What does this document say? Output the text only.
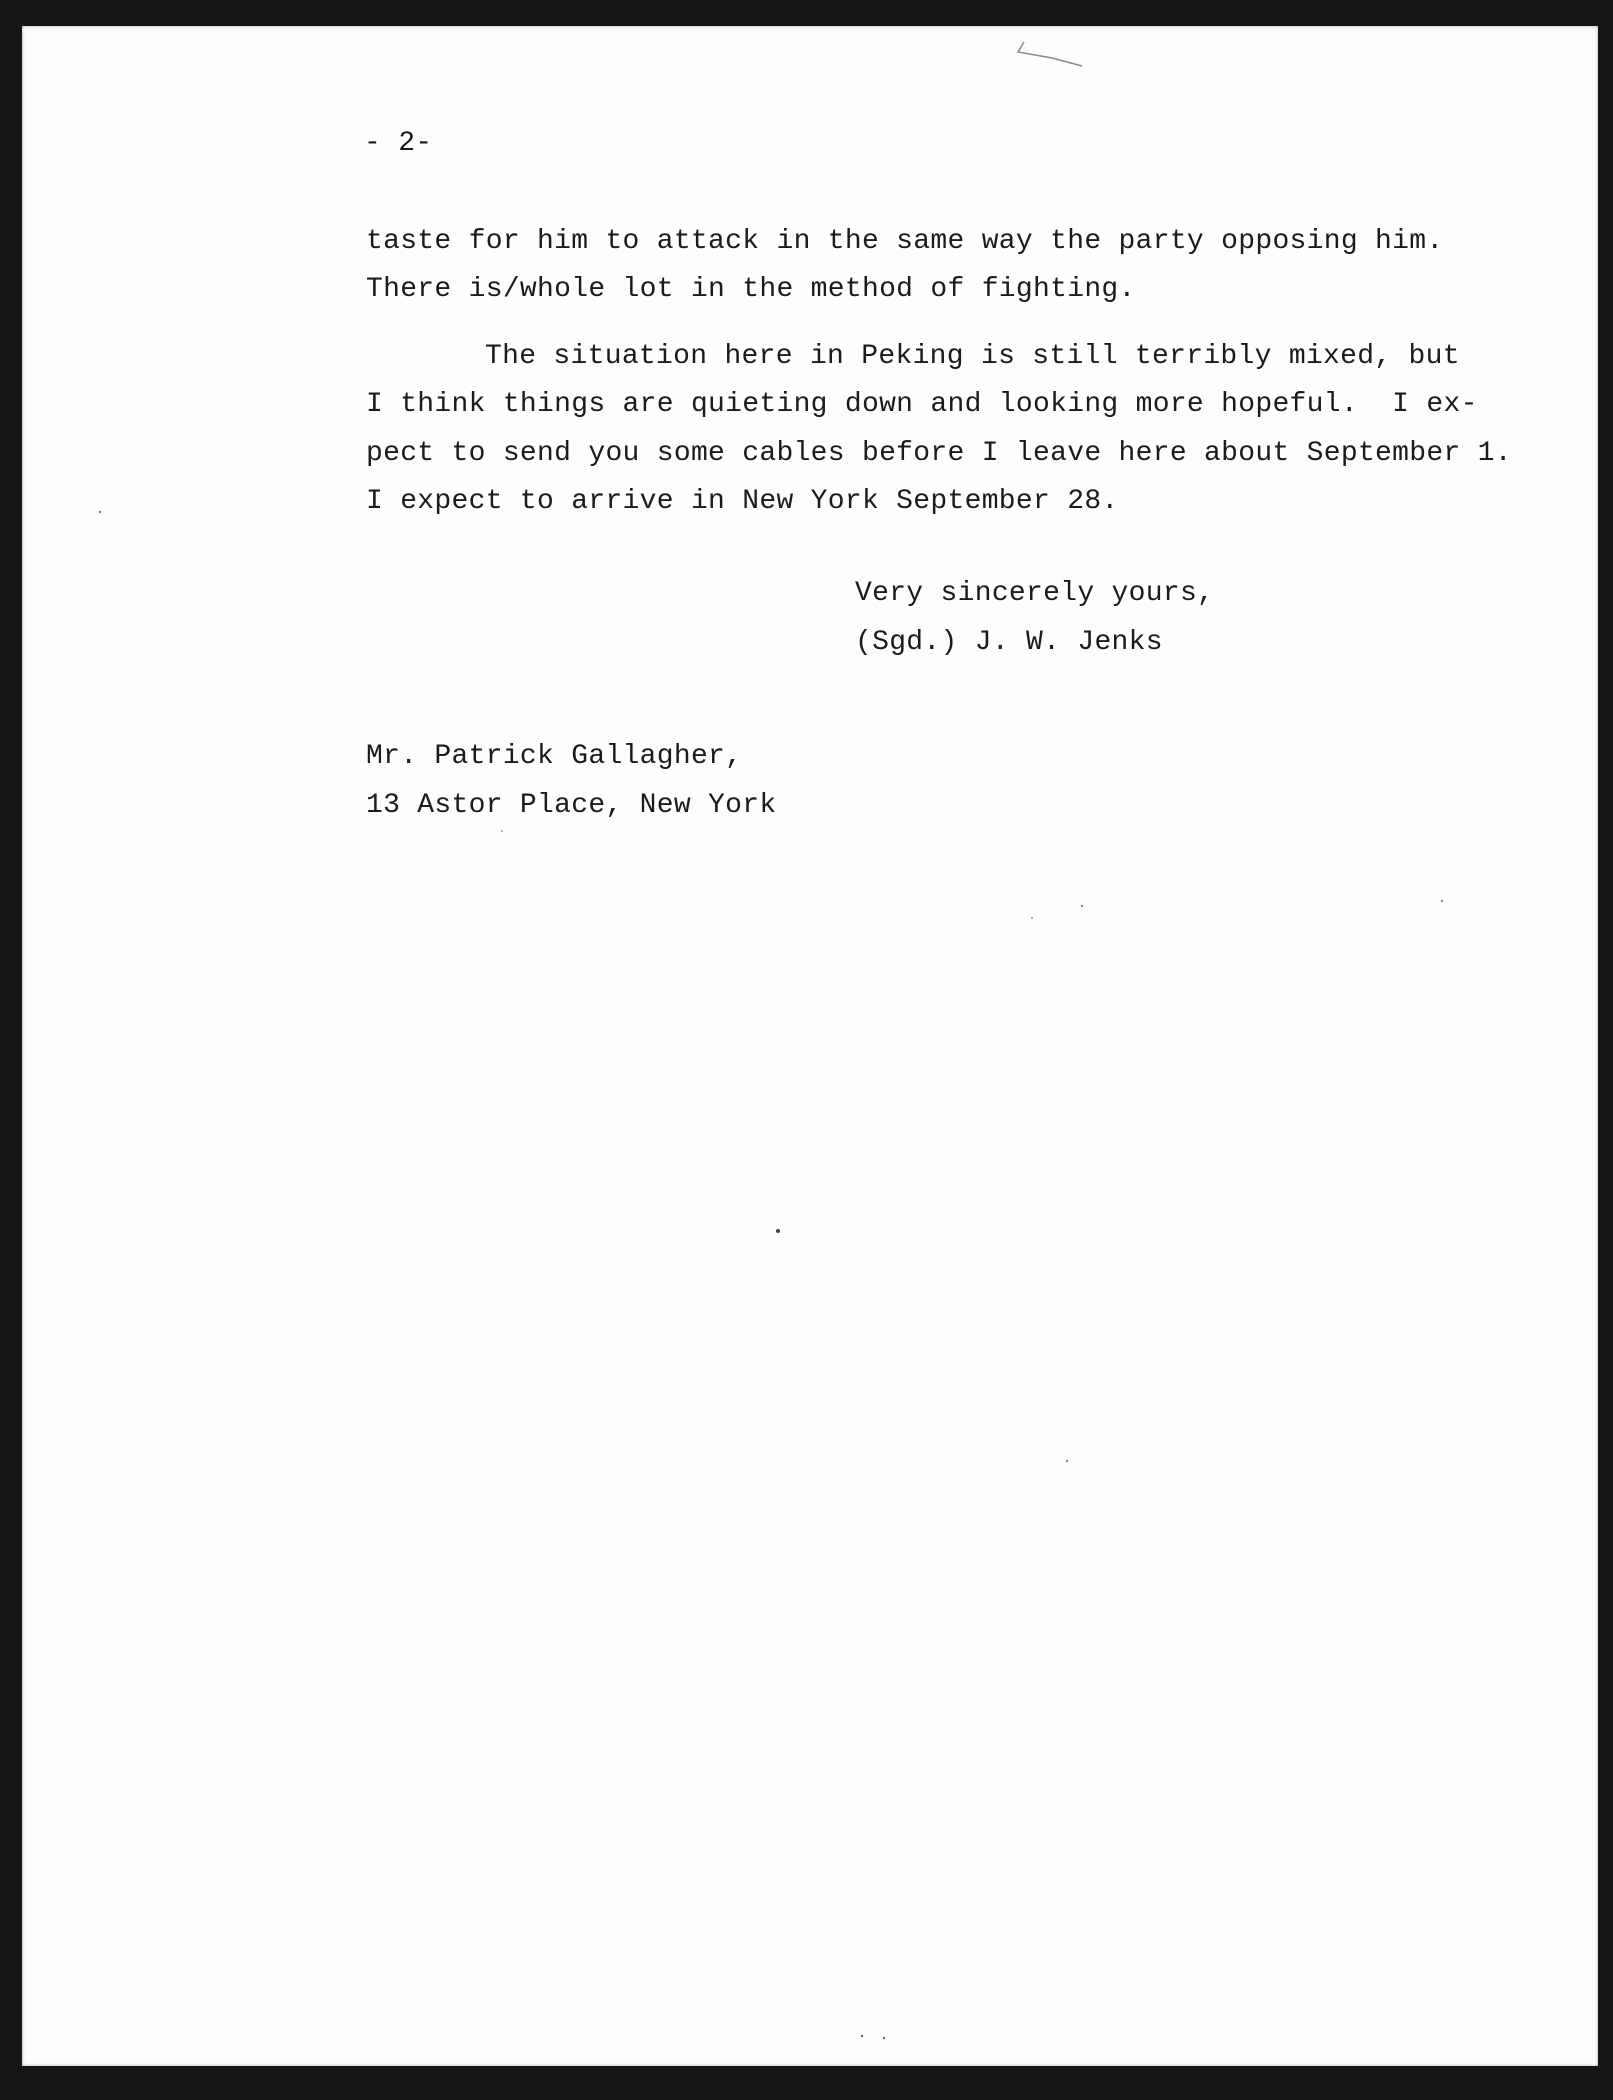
- 2-
taste for him to attack in the same way the party opposing him.
There is/whole lot in the method of fighting.
The situation here in Peking is still terribly mixed, but
I think things are quieting down and looking more hopeful.  I ex-
pect to send you some cables before I leave here about September 1.
I expect to arrive in New York September 28.
Very sincerely yours,
(Sgd.) J. W. Jenks
Mr. Patrick Gallagher,
13 Astor Place, New York
